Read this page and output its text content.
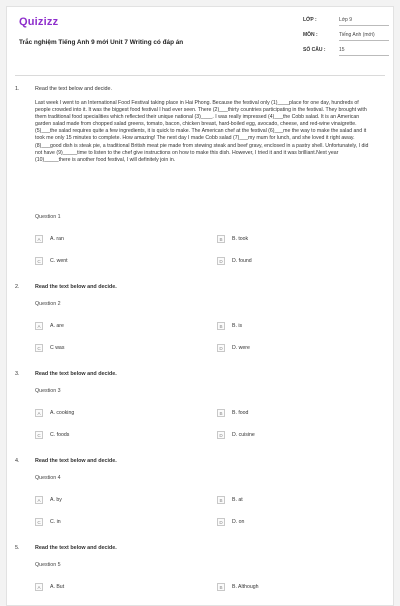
Quizizz
Trắc nghiệm Tiếng Anh 9 mới Unit 7 Writing có đáp án
LỚP :	Lớp 9
MÔN :	Tiếng Anh (mới)
SỐ CÂU :	15
1.	Read the text below and decide.
Last week I went to an International Food Festival taking place in Hai Phong. Because the festival only (1)____place for one day, hundreds of people crowded into it. It was the biggest food festival I had ever seen. There (2)___thirty countries participating in the festival. They brought with them traditional food specialities which reflected their unique national (3)____. I was really impressed (4)___the Cobb salad. It is an American garden salad made from chopped salad greens, tomato, bacon, chicken breast, hard-boiled egg, avocado, cheese, and red-wine vinaigrette. (5)___the salad requires quite a few ingredients, it is quick to make. The American chef at the festival (6)___me the way to make the salad and it took me only 15 minutes to complete. How amazing! The next day I made Cobb salad (7)___my mum for lunch, and she loved it right away. (8)___good dish is steak pie, a traditional British meat pie made from stewing steak and beef gravy, enclosed in a pastry shell. Unfortunately, I did not have (9)_____time to listen to the chef give instructions on how to make this dish. However, I tried it and it was brilliant.Next year (10)_____there is another food festival, I will definitely join in.
Question 1
A	A. ran	B	B. took
C	C. went	D	D. found
2.	Read the text below and decide.
Question 2
A	A. are	B	B. is
C	C was	D	D. were
3.	Read the text below and decide.
Question 3
A	A. cooking	B	B. food
C	C. foods	D	D. cuisine
4.	Read the text below and decide.
Question 4
A	A. by	B	B. at
C	C. in	D	D. on
5.	Read the text below and decide.
Question 5
A	A. But	B	B. Although
